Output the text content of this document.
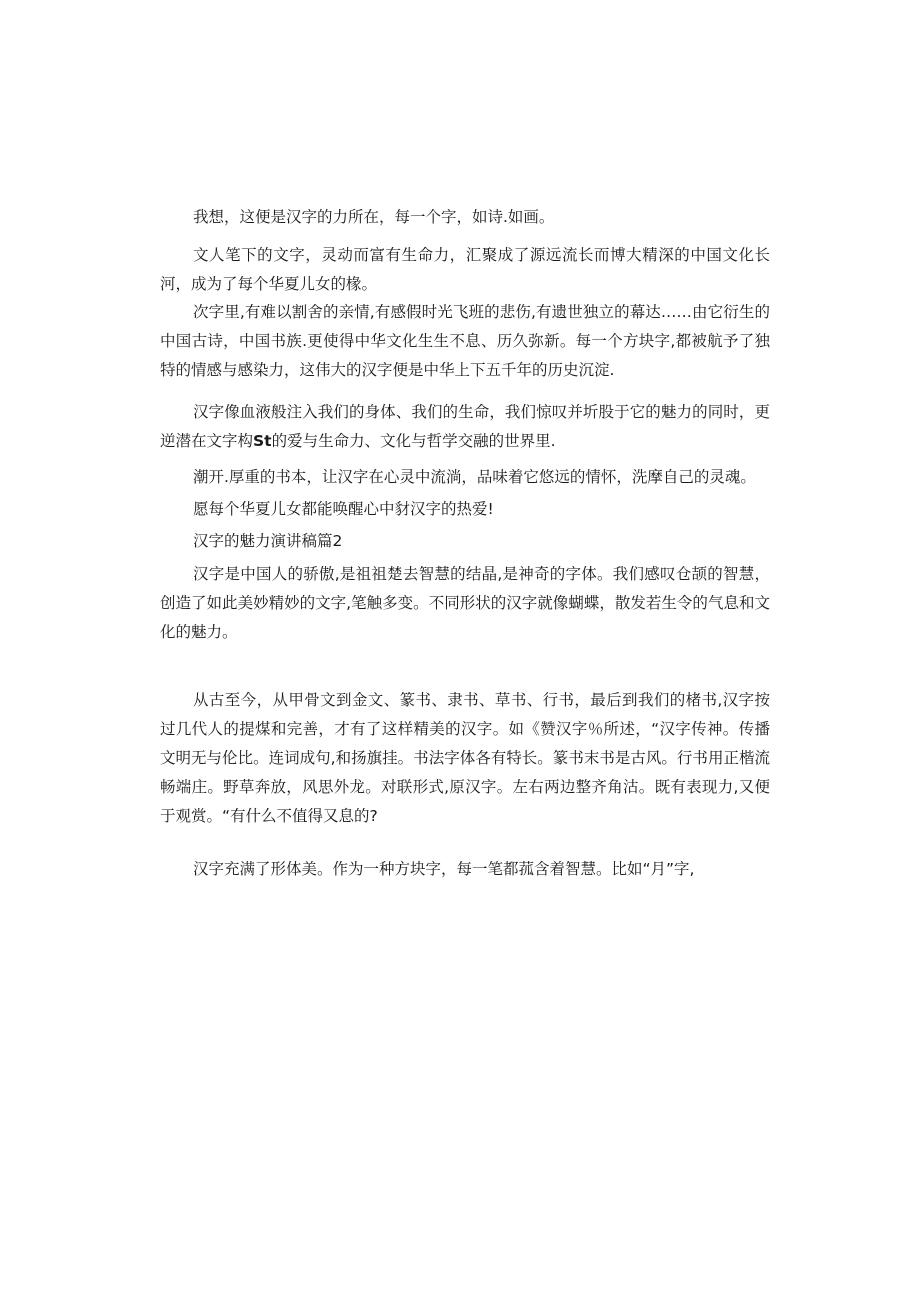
我想，这便是汉字的力所在，每一个字，如诗.如画。

文人笔下的文字，灵动而富有生命力，汇聚成了源远流长而博大精深的中国文化长河，成为了每个华夏儿女的椽。

次字里,有难以割舍的亲情,有感假时光飞班的悲伤,有遗世独立的幕达……由它衍生的中国古诗，中国书族.更使得中华文化生生不息、历久弥新。每一个方块字,都被航予了独特的情感与感染力，这伟大的汉字便是中华上下五千年的历史沉淀.

汉字像血液般注入我们的身体、我们的生命，我们惊叹并圻股于它的魅力的同时，更逆潜在文字构St的爱与生命力、文化与哲学交融的世界里.

潮开.厚重的书本，让汉字在心灵中流淌，品味着它悠远的情怀，洗摩自己的灵魂。

愿每个华夏儿女都能唤醒心中豺汉字的热爱!

汉字的魅力演讲稿篇2

汉字是中国人的骄傲,是祖祖楚去智慧的结晶,是神奇的字体。我们感叹仓颉的智慧，创造了如此美妙精妙的文字,笔触多变。不同形状的汉字就像蝴蝶，散发若生令的气息和文化的魅力。

从古至今，从甲骨文到金文、篆书、隶书、草书、行书，最后到我们的楮书,汉字按过几代人的提煤和完善，才有了这样精美的汉字。如《赞汉字％所述，“汉字传神。传播文明无与伦比。连词成句,和扬旗挂。书法字体各有特长。篆书末书是古风。行书用正楷流畅端庄。野草奔放，风思外龙。对联形式,原汉字。左右两边整齐角沽。既有表现力,又便于观赏。“有什么不值得又息的?

汉字充满了形体美。作为一种方块字，每一笔都菰含着智慧。比如“月”字,
